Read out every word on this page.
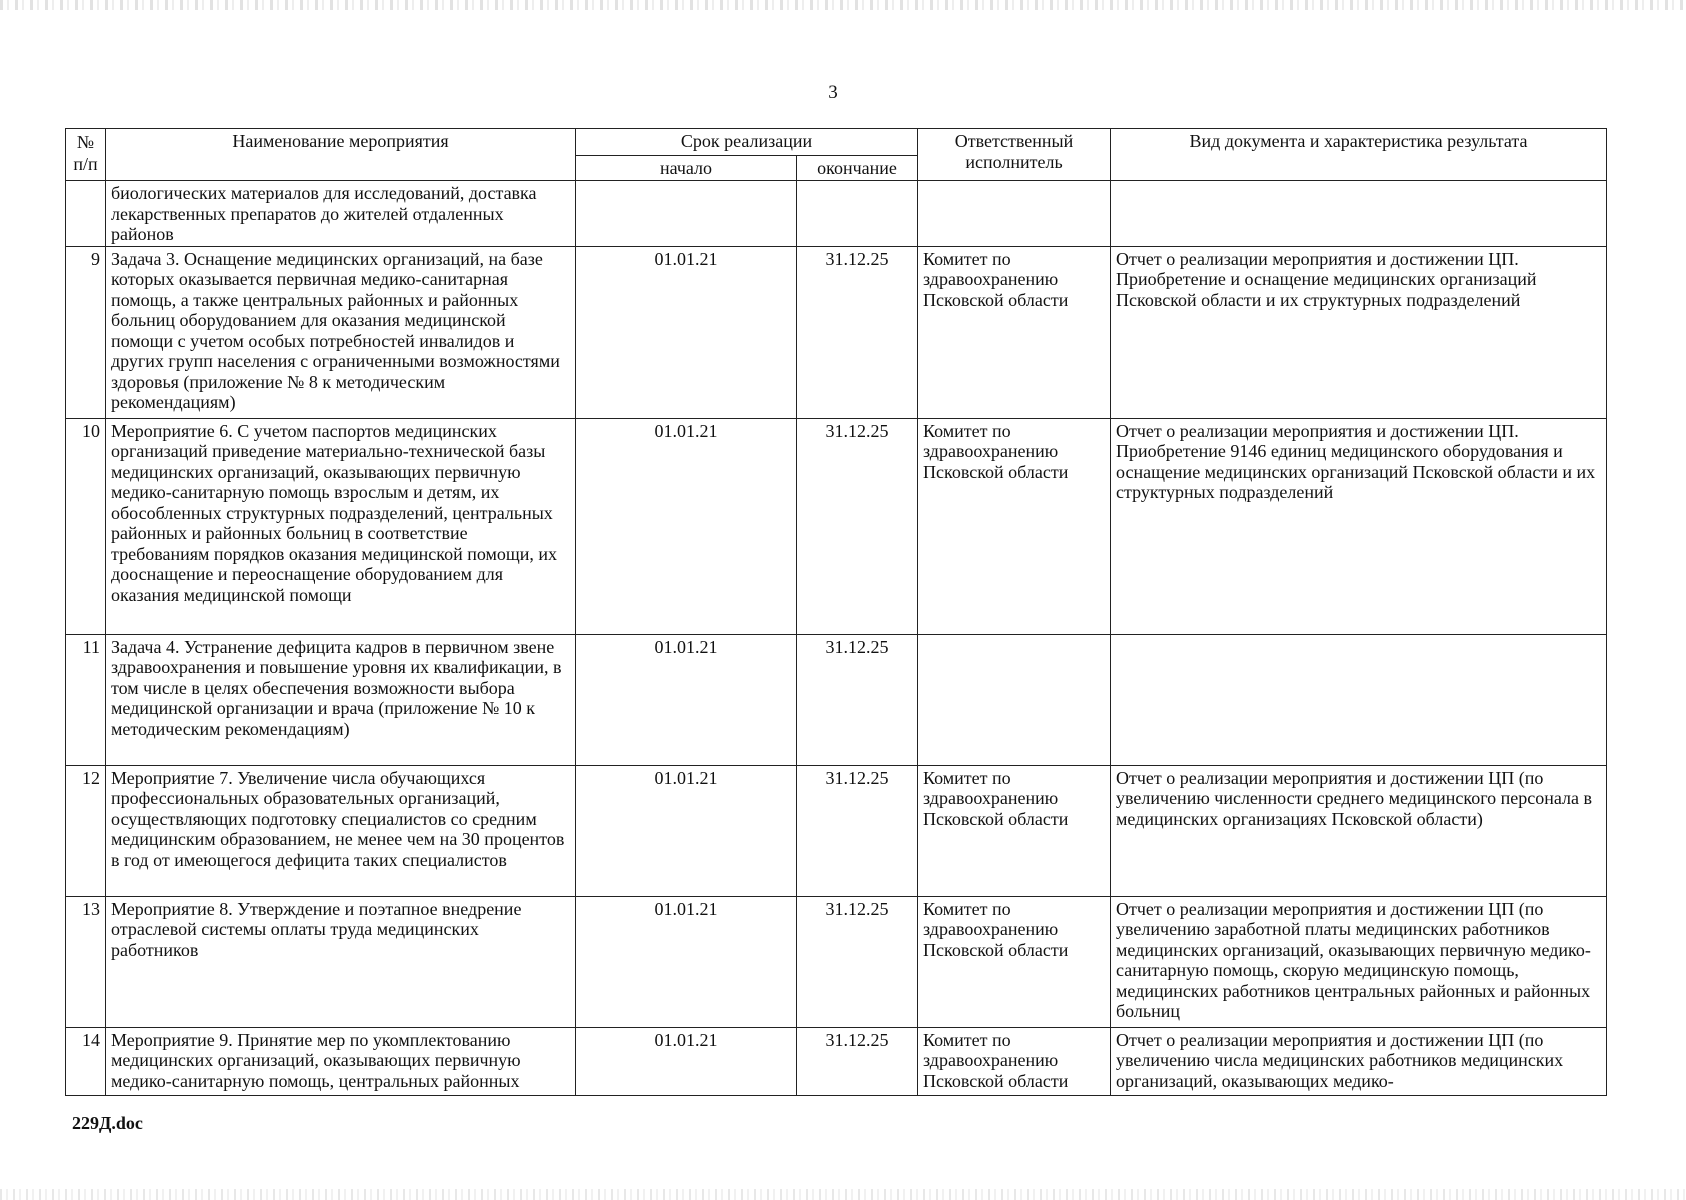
3
№ п/п	Наименование мероприятия	Срок реализации		Ответственный исполнитель	Вид документа и характеристика результата
		начало	окончание		
	биологических материалов для исследований, доставка лекарственных препаратов до жителей отдаленных районов				
9	Задача 3. Оснащение медицинских организаций, на базе которых оказывается первичная медико-санитарная помощь, а также центральных районных и районных больниц оборудованием для оказания медицинской помощи с учетом особых потребностей инвалидов и других групп населения с ограниченными возможностями здоровья (приложение № 8 к методическим рекомендациям)	01.01.21	31.12.25	Комитет по здравоохранению Псковской области	Отчет о реализации мероприятия и достижении ЦП. Приобретение и оснащение медицинских организаций Псковской области и их структурных подразделений
10	Мероприятие 6. С учетом паспортов медицинских организаций приведение материально-технической базы медицинских организаций, оказывающих первичную медико-санитарную помощь взрослым и детям, их обособленных структурных подразделений, центральных районных и районных больниц в соответствие требованиям порядков оказания медицинской помощи, их дооснащение и переоснащение оборудованием для оказания медицинской помощи	01.01.21	31.12.25	Комитет по здравоохранению Псковской области	Отчет о реализации мероприятия и достижении ЦП. Приобретение 9146 единиц медицинского оборудования и оснащение медицинских организаций Псковской области и их структурных подразделений
11	Задача 4. Устранение дефицита кадров в первичном звене здравоохранения и повышение уровня их квалификации, в том числе в целях обеспечения возможности выбора медицинской организации и врача (приложение № 10 к методическим рекомендациям)	01.01.21	31.12.25		
12	Мероприятие 7. Увеличение числа обучающихся профессиональных образовательных организаций, осуществляющих подготовку специалистов со средним медицинским образованием, не менее чем на 30 процентов в год от имеющегося дефицита таких специалистов	01.01.21	31.12.25	Комитет по здравоохранению Псковской области	Отчет о реализации мероприятия и достижении ЦП (по увеличению численности среднего медицинского персонала в медицинских организациях Псковской области)
13	Мероприятие 8. Утверждение и поэтапное внедрение отраслевой системы оплаты труда медицинских работников	01.01.21	31.12.25	Комитет по здравоохранению Псковской области	Отчет о реализации мероприятия и достижении ЦП (по увеличению заработной платы медицинских работников медицинских организаций, оказывающих первичную медико-санитарную помощь, скорую медицинскую помощь, медицинских работников центральных районных и районных больниц
14	Мероприятие 9. Принятие мер по укомплектованию медицинских организаций, оказывающих первичную медико-санитарную помощь, центральных районных	01.01.21	31.12.25	Комитет по здравоохранению Псковской области	Отчет о реализации мероприятия и достижении ЦП (по увеличению числа медицинских работников медицинских организаций, оказывающих медико-
229Д.doc
